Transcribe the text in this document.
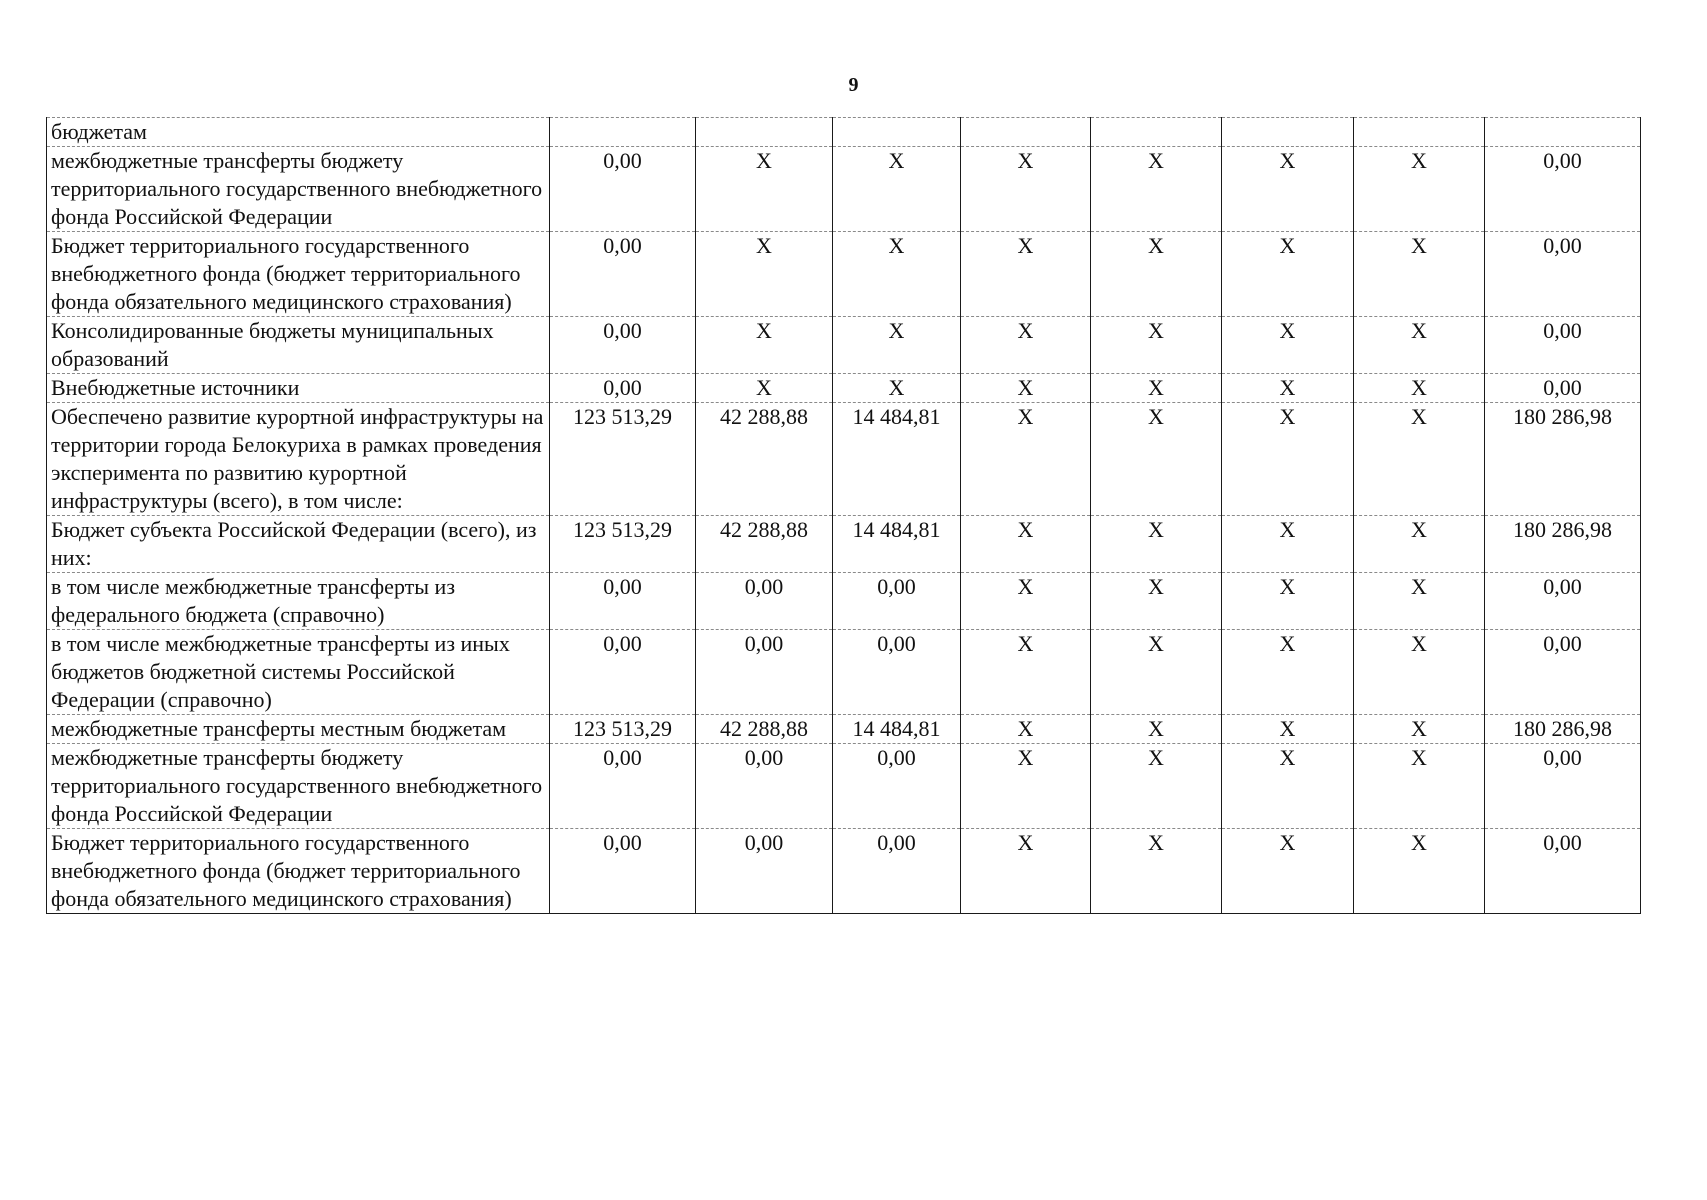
9
бюджетам								
межбюджетные трансферты бюджету территориального государственного внебюджетного фонда Российской Федерации	0,00	X	X	X	X	X	X	0,00
Бюджет территориального государственного внебюджетного фонда (бюджет территориального фонда обязательного медицинского страхования)	0,00	X	X	X	X	X	X	0,00
Консолидированные бюджеты муниципальных образований	0,00	X	X	X	X	X	X	0,00
Внебюджетные источники	0,00	X	X	X	X	X	X	0,00
Обеспечено развитие курортной инфраструктуры на территории города Белокуриха в рамках проведения эксперимента по развитию курортной инфраструктуры (всего), в том числе:	123 513,29	42 288,88	14 484,81	X	X	X	X	180 286,98
Бюджет субъекта Российской Федерации (всего), из них:	123 513,29	42 288,88	14 484,81	X	X	X	X	180 286,98
в том числе межбюджетные трансферты из федерального бюджета (справочно)	0,00	0,00	0,00	X	X	X	X	0,00
в том числе межбюджетные трансферты из иных бюджетов бюджетной системы Российской Федерации (справочно)	0,00	0,00	0,00	X	X	X	X	0,00
межбюджетные трансферты местным бюджетам	123 513,29	42 288,88	14 484,81	X	X	X	X	180 286,98
межбюджетные трансферты бюджету территориального государственного внебюджетного фонда Российской Федерации	0,00	0,00	0,00	X	X	X	X	0,00
Бюджет территориального государственного внебюджетного фонда (бюджет территориального фонда обязательного медицинского страхования)	0,00	0,00	0,00	X	X	X	X	0,00
